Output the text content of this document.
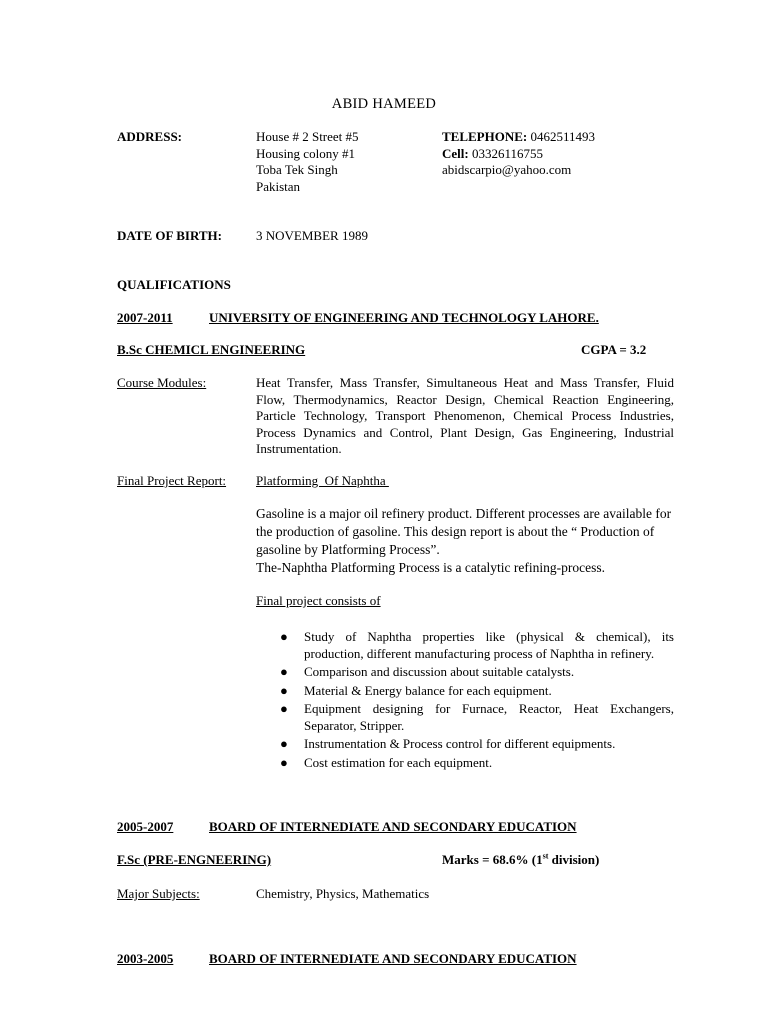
ABID HAMEED
ADDRESS:	House # 2 Street #5
Housing colony #1
Toba Tek Singh
Pakistan
TELEPHONE: 0462511493
Cell: 03326116755
abidscarpio@yahoo.com
DATE OF BIRTH:	3 NOVEMBER 1989
QUALIFICATIONS
2007-2011	UNIVERSITY OF ENGINEERING AND TECHNOLOGY LAHORE.
B.Sc CHEMICL ENGINEERING	CGPA = 3.2
Course Modules:	Heat Transfer, Mass Transfer, Simultaneous Heat and Mass Transfer, Fluid Flow, Thermodynamics, Reactor Design, Chemical Reaction Engineering, Particle Technology, Transport Phenomenon, Chemical Process Industries, Process Dynamics and Control, Plant Design, Gas Engineering, Industrial Instrumentation.
Final Project Report: Platforming  Of Naphtha
Gasoline is a major oil refinery product. Different processes are available for the production of gasoline. This design report is about the “ Production of gasoline by Platforming Process”.
The-Naphtha Platforming Process is a catalytic refining-process.
Final project consists of
● Study of Naphtha properties like (physical & chemical), its production, different manufacturing process of Naphtha in refinery.
● Comparison and discussion about suitable catalysts.
● Material & Energy balance for each equipment.
● Equipment designing for Furnace, Reactor, Heat Exchangers, Separator, Stripper.
● Instrumentation & Process control for different equipments.
● Cost estimation for each equipment.
2005-2007	BOARD OF INTERNEDIATE AND SECONDARY EDUCATION
F.Sc (PRE-ENGNEERING)	Marks = 68.6% (1st division)
Major Subjects:	Chemistry, Physics, Mathematics
2003-2005	BOARD OF INTERNEDIATE AND SECONDARY EDUCATION
